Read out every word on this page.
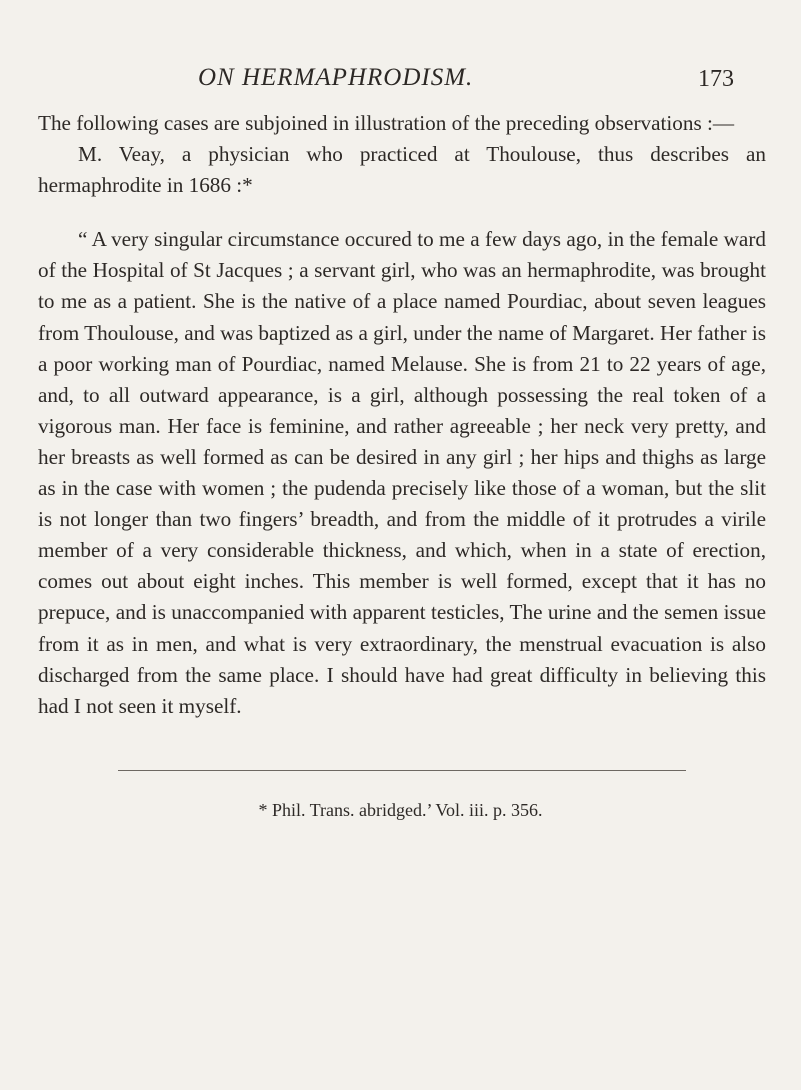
ON HERMAPHRODISM.	173

The following cases are subjoined in illustration of the preceding observations :—

M. Veay, a physician who practiced at Thoulouse, thus describes an hermaphrodite in 1686 :*

“ A very singular circumstance occured to me a few days ago, in the female ward of the Hospital of St Jacques ; a servant girl, who was an hermaphrodite, was brought to me as a patient. She is the native of a place named Pourdiac, about seven leagues from Thoulouse, and was baptized as a girl, under the name of Margaret. Her father is a poor working man of Pourdiac, named Melause. She is from 21 to 22 years of age, and, to all outward appearance, is a girl, although possessing the real token of a vigorous man. Her face is feminine, and rather agreeable ; her neck very pretty, and her breasts as well formed as can be desired in any girl ; her hips and thighs as large as in the case with women ; the pudenda precisely like those of a woman, but the slit is not longer than two fingers’ breadth, and from the middle of it protrudes a virile member of a very considerable thickness, and which, when in a state of erection, comes out about eight inches. This member is well formed, except that it has no prepuce, and is unaccompanied with apparent testicles, The urine and the semen issue from it as in men, and what is very extraordinary, the menstrual evacuation is also discharged from the same place. I should have had great difficulty in believing this had I not seen it myself.

* Phil. Trans. abridged.’ Vol. iii. p. 356.
